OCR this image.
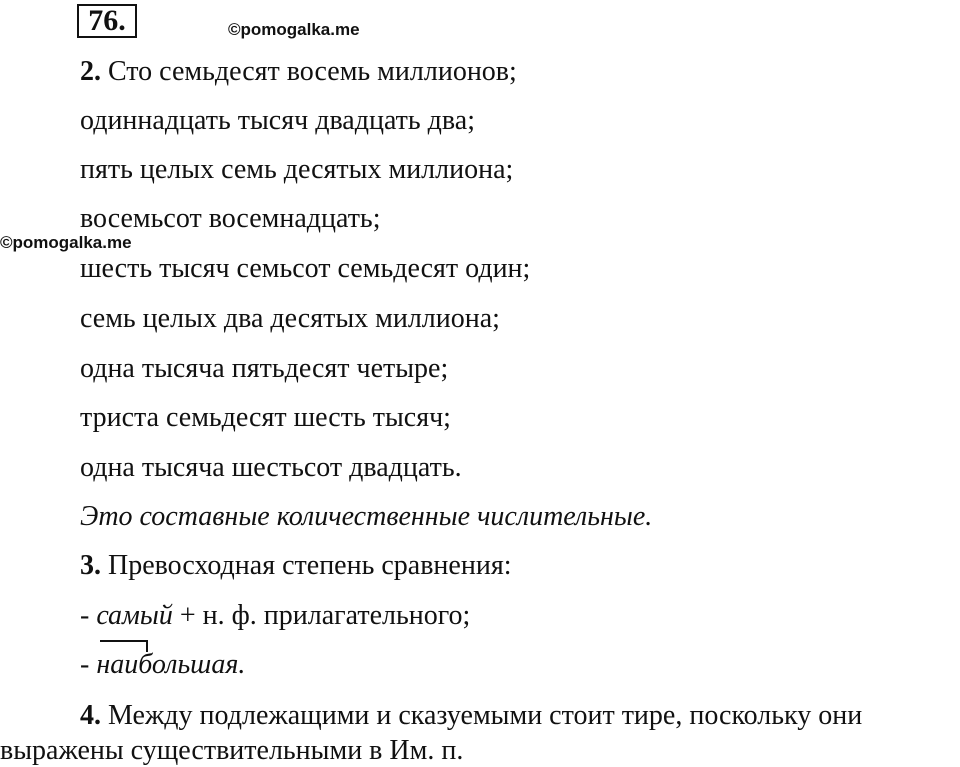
76.	©pomogalka.me
©pomogalka.me
2. Сто семьдесят восемь миллионов;
одиннадцать тысяч двадцать два;
пять целых семь десятых миллиона;
восемьсот восемнадцать;
шесть тысяч семьсот семьдесят один;
семь целых два десятых миллиона;
одна тысяча пятьдесят четыре;
триста семьдесят шесть тысяч;
одна тысяча шестьсот двадцать.
Это составные количественные числительные.
3. Превосходная степень сравнения:
- самый + н. ф. прилагательного;
- наибольшая.
4. Между подлежащими и сказуемыми стоит тире, поскольку они
выражены существительными в Им. п.
